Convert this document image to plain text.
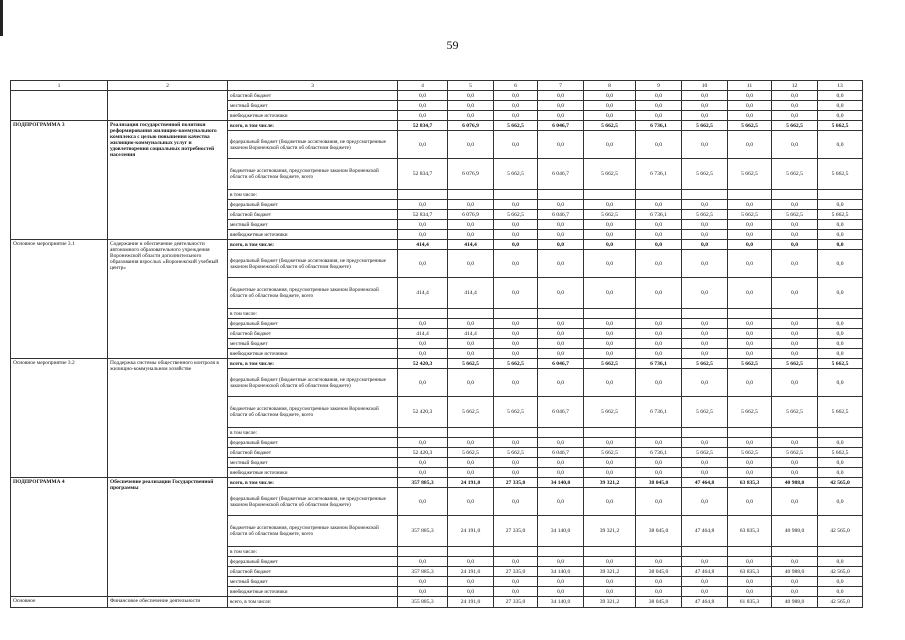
59
1	2	3	4	5	6	7	8	9	10	11	12	13
		областной бюджет	0,0	0,0	0,0	0,0	0,0	0,0	0,0	0,0	0,0	0,0
		местный бюджет	0,0	0,0	0,0	0,0	0,0	0,0	0,0	0,0	0,0	0,0
		внебюджетные источники	0,0	0,0	0,0	0,0	0,0	0,0	0,0	0,0	0,0	0,0
ПОДПРОГРАММА 3	Реализация государственной политики реформирования жилищно-коммунального комплекса с целью повышения качества жилищно-коммунальных услуг и удовлетворения социальных потребностей населения	всего, в том числе:	52 834,7	6 076,9	5 662,5	6 046,7	5 662,5	6 736,1	5 662,5	5 662,5	5 662,5	5 662,5
		федеральный бюджет (бюджетные ассигнования, не предусмотренные законом Воронежской области об областном бюджете)	0,0	0,0	0,0	0,0	0,0	0,0	0,0	0,0	0,0	0,0
		бюджетные ассигнования, предусмотренные законом Воронежской области об областном бюджете, всего	52 834,7	6 076,9	5 662,5	6 046,7	5 662,5	6 736,1	5 662,5	5 662,5	5 662,5	5 662,5
		в том числе:										
		федеральный бюджет	0,0	0,0	0,0	0,0	0,0	0,0	0,0	0,0	0,0	0,0
		областной бюджет	52 834,7	6 076,9	5 662,5	6 046,7	5 662,5	6 736,1	5 662,5	5 662,5	5 662,5	5 662,5
		местный бюджет	0,0	0,0	0,0	0,0	0,0	0,0	0,0	0,0	0,0	0,0
		внебюджетные источники	0,0	0,0	0,0	0,0	0,0	0,0	0,0	0,0	0,0	0,0
Основное мероприятие 3.1	Содержание и обеспечение деятельности автономного образовательного учреждения Воронежской области дополнительного образования взрослых «Воронежский учебный центр»	всего, в том числе:	414,4	414,4	0,0	0,0	0,0	0,0	0,0	0,0	0,0	0,0
		федеральный бюджет (бюджетные ассигнования, не предусмотренные законом Воронежской области об областном бюджете)	0,0	0,0	0,0	0,0	0,0	0,0	0,0	0,0	0,0	0,0
		бюджетные ассигнования, предусмотренные законом Воронежской области об областном бюджете, всего	414,4	414,4	0,0	0,0	0,0	0,0	0,0	0,0	0,0	0,0
		в том числе:										
		федеральный бюджет	0,0	0,0	0,0	0,0	0,0	0,0	0,0	0,0	0,0	0,0
		областной бюджет	414,4	414,4	0,0	0,0	0,0	0,0	0,0	0,0	0,0	0,0
		местный бюджет	0,0	0,0	0,0	0,0	0,0	0,0	0,0	0,0	0,0	0,0
		внебюджетные источники	0,0	0,0	0,0	0,0	0,0	0,0	0,0	0,0	0,0	0,0
Основное мероприятие 3.2	Поддержка системы общественного контроля в жилищно-коммунальном хозяйстве	всего, в том числе:	52 420,3	5 662,5	5 662,5	6 046,7	5 662,5	6 736,1	5 662,5	5 662,5	5 662,5	5 662,5
		федеральный бюджет (бюджетные ассигнования, не предусмотренные законом Воронежской области об областном бюджете)	0,0	0,0	0,0	0,0	0,0	0,0	0,0	0,0	0,0	0,0
		бюджетные ассигнования, предусмотренные законом Воронежской области об областном бюджете, всего	52 420,3	5 662,5	5 662,5	6 046,7	5 662,5	6 736,1	5 662,5	5 662,5	5 662,5	5 662,5
		в том числе:										
		федеральный бюджет	0,0	0,0	0,0	0,0	0,0	0,0	0,0	0,0	0,0	0,0
		областной бюджет	52 420,3	5 662,5	5 662,5	6 046,7	5 662,5	6 736,1	5 662,5	5 662,5	5 662,5	5 662,5
		местный бюджет	0,0	0,0	0,0	0,0	0,0	0,0	0,0	0,0	0,0	0,0
		внебюджетные источники	0,0	0,0	0,0	0,0	0,0	0,0	0,0	0,0	0,0	0,0
ПОДПРОГРАММА 4	Обеспечение реализации Государственной программы	всего, в том числе:	357 885,3	24 191,0	27 335,0	34 140,0	39 321,2	38 045,0	47 464,8	63 835,3	40 988,0	42 565,0
		федеральный бюджет (бюджетные ассигнования, не предусмотренные законом Воронежской области об областном бюджете)	0,0	0,0	0,0	0,0	0,0	0,0	0,0	0,0	0,0	0,0
		бюджетные ассигнования, предусмотренные законом Воронежской области об областном бюджете, всего	357 885,3	24 191,0	27 335,0	34 140,0	39 321,2	38 045,0	47 464,8	63 835,3	40 988,0	42 565,0
		в том числе:										
		федеральный бюджет	0,0	0,0	0,0	0,0	0,0	0,0	0,0	0,0	0,0	0,0
		областной бюджет	357 885,3	24 191,0	27 335,0	34 140,0	39 321,2	38 045,0	47 464,8	63 835,3	40 988,0	42 565,0
		местный бюджет	0,0	0,0	0,0	0,0	0,0	0,0	0,0	0,0	0,0	0,0
		внебюджетные источники	0,0	0,0	0,0	0,0	0,0	0,0	0,0	0,0	0,0	0,0
Основное	Финансовое обеспечение деятельности	всего, в том числе:	355 885,3	24 191,0	27 335,0	34 140,0	39 321,2	38 045,0	47 464,8	61 835,3	40 988,0	42 565,0
